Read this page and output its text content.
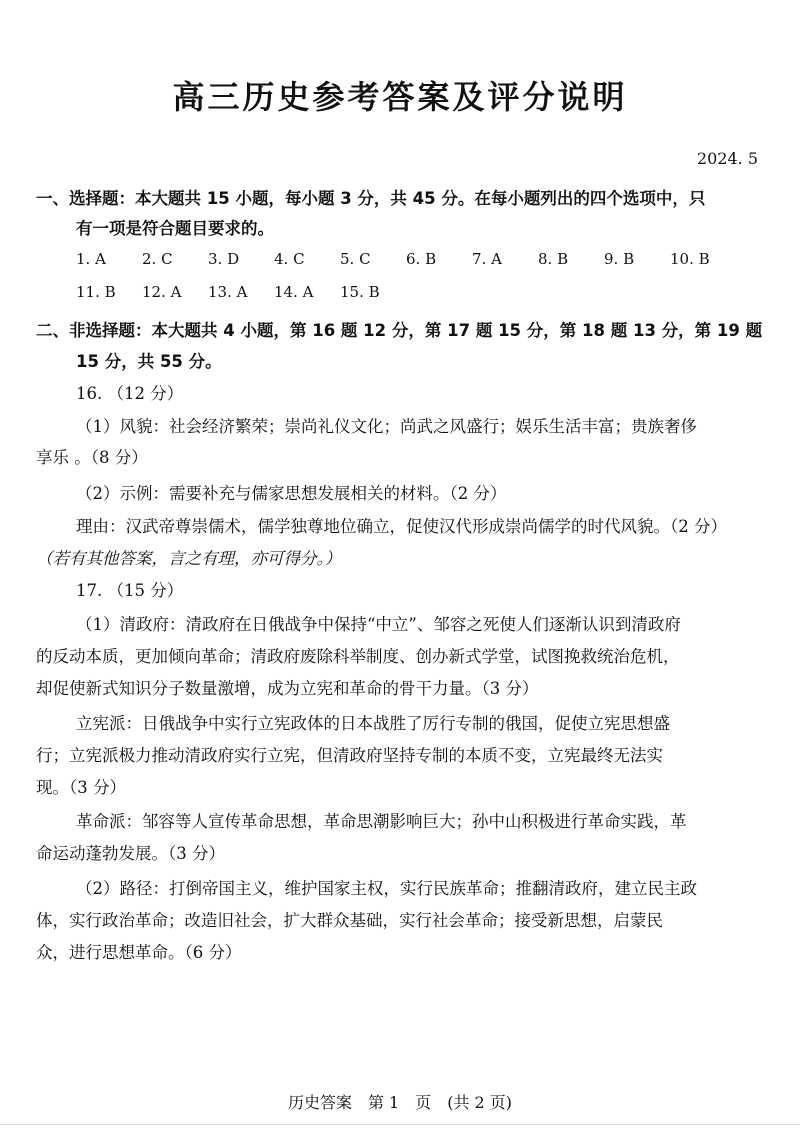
高三历史参考答案及评分说明
2024. 5
一、选择题：本大题共 15 小题，每小题 3 分，共 45 分。在每小题列出的四个选项中，只
有一项是符合题目要求的。
1. A 2. C 3. D 4. C 5. C 6. B 7. A 8. B 9. B 10. B
11. B 12. A 13. A 14. A 15. B
二、非选择题：本大题共 4 小题，第 16 题 12 分，第 17 题 15 分，第 18 题 13 分，第 19 题
15 分，共 55 分。
16. （12 分）
（1）风貌：社会经济繁荣；崇尚礼仪文化；尚武之风盛行；娱乐生活丰富；贵族奢侈
享乐 。（8 分）
（2）示例：需要补充与儒家思想发展相关的材料。（2 分）
理由：汉武帝尊崇儒术，儒学独尊地位确立，促使汉代形成崇尚儒学的时代风貌。（2 分）
（若有其他答案，言之有理，亦可得分。）
17. （15 分）
（1）清政府：清政府在日俄战争中保持“中立”、邹容之死使人们逐渐认识到清政府
的反动本质，更加倾向革命；清政府废除科举制度、创办新式学堂，试图挽救统治危机，
却促使新式知识分子数量激增，成为立宪和革命的骨干力量。（3 分）
立宪派：日俄战争中实行立宪政体的日本战胜了厉行专制的俄国，促使立宪思想盛
行；立宪派极力推动清政府实行立宪，但清政府坚持专制的本质不变，立宪最终无法实
现。（3 分）
革命派：邹容等人宣传革命思想，革命思潮影响巨大；孙中山积极进行革命实践，革
命运动蓬勃发展。（3 分）
（2）路径：打倒帝国主义，维护国家主权，实行民族革命；推翻清政府，建立民主政
体，实行政治革命；改造旧社会，扩大群众基础，实行社会革命；接受新思想，启蒙民
众，进行思想革命。（6 分）
历史答案　第 1　页　(共 2 页)
